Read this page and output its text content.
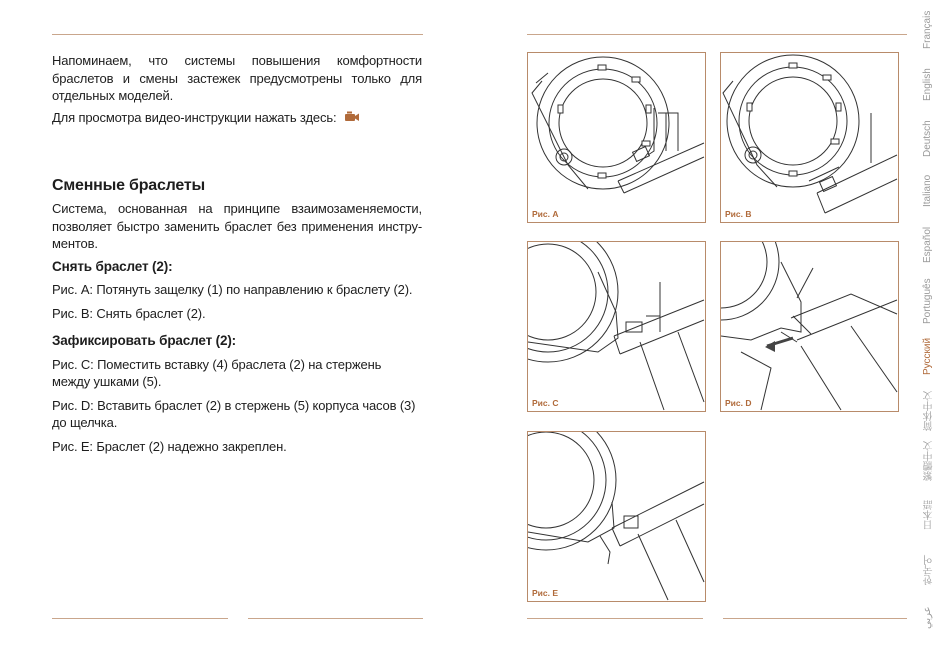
Напоминаем, что системы повышения комфортности браслетов и смены застежек предусмотрены только для отдельных моделей.

Для просмотра видео-инструкции нажать здесь:

Сменные браслеты

Система, основанная на принципе взаимозаменяемости, позволяет быстро заменить браслет без применения инстру-ментов.

Снять браслет (2):

Рис. A: Потянуть защелку (1) по направлению к браслету (2).

Рис. B: Снять браслет (2).

Зафиксировать браслет (2):

Рис. C: Поместить вставку (4) браслета (2) на стержень между ушками (5).

Рис. D: Вставить браслет (2) в стержень (5) корпуса часов (3) до щелчка.

Рис. E: Браслет (2) надежно закреплен.

Рис. A	Рис. B
Рис. C	Рис. D
Рис. E
Français
English
Deutsch
Italiano
Español
Português
Русский
简体中文
繁體中文
日本語
한국어
عربي
